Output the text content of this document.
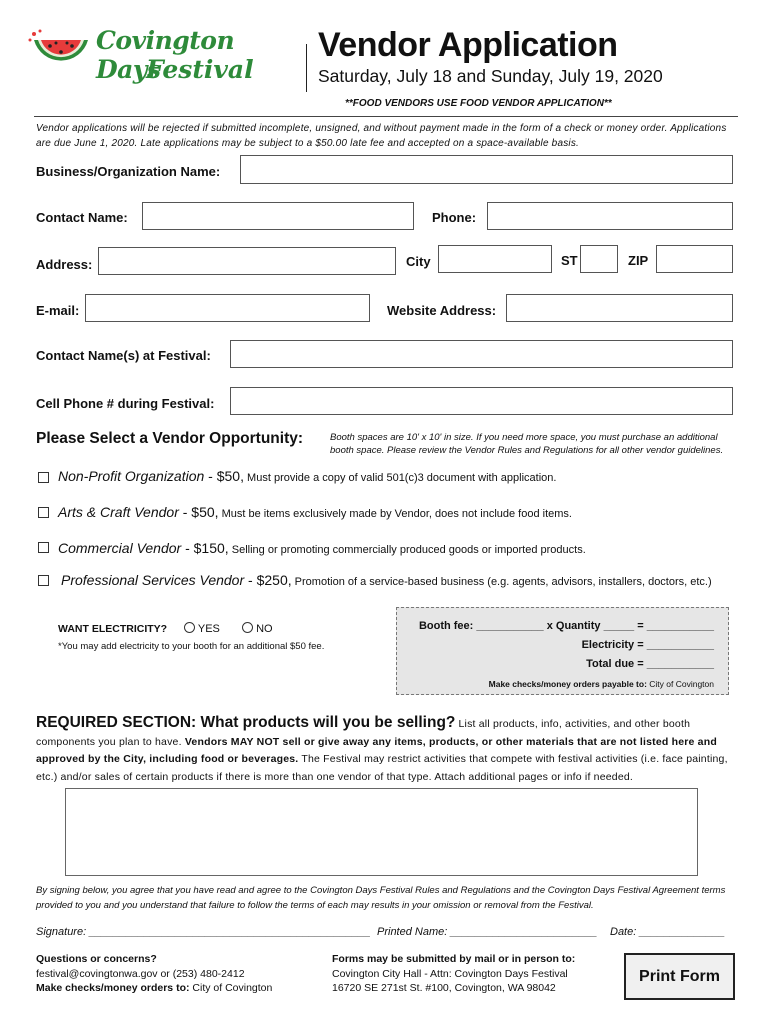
Covington Days
Festival
Vendor Application
Saturday, July 18 and Sunday, July 19, 2020
**FOOD VENDORS USE FOOD VENDOR APPLICATION**
Vendor applications will be rejected if submitted incomplete, unsigned, and without payment made in the form of a check or money order. Applications are due June 1, 2020. Late applications may be subject to a $50.00 late fee and accepted on a space-available basis.
Business/Organization Name:
Contact Name:	Phone:
Address:	City	ST	ZIP
E-mail:	Website Address:
Contact Name(s) at Festival:
Cell Phone # during Festival:
Please Select a Vendor Opportunity:	Booth spaces are 10' x 10' in size. If you need more space, you must purchase an additional
booth space. Please review the Vendor Rules and Regulations for all other vendor guidelines.
Non-Profit Organization - $50, Must provide a copy of valid 501(c)3 document with application.
Arts & Craft Vendor - $50, Must be items exclusively made by Vendor, does not include food items.
Commercial Vendor - $150, Selling or promoting commercially produced goods or imported products.
Professional Services Vendor - $250, Promotion of a service-based business (e.g. agents, advisors, installers, doctors, etc.)
WANT ELECTRICITY?	YES	NO
*You may add electricity to your booth for an additional $50 fee.
Booth fee: ___________ x Quantity _____ = ___________
Electricity = ___________
Total due = ___________
Make checks/money orders payable to: City of Covington
REQUIRED SECTION: What products will you be selling? List all products, info, activities, and other booth components you plan to have. Vendors MAY NOT sell or give away any items, products, or other materials that are not listed here and approved by the City, including food or beverages. The Festival may restrict activities that compete with festival activities (i.e. face painting, etc.) and/or sales of certain products if there is more than one vendor of that type. Attach additional pages or info if needed.
By signing below, you agree that you have read and agree to the Covington Days Festival Rules and Regulations and the Covington Days Festival Agreement terms provided to you and you understand that failure to follow the terms of each may results in your omission or removal from the Festival.
Signature: ______________________________________________ Printed Name: ________________________ Date: ______________
Questions or concerns?
festival@covingtonwa.gov or (253) 480-2412
Make checks/money orders to: City of Covington
Forms may be submitted by mail or in person to:
Covington City Hall - Attn: Covington Days Festival
16720 SE 271st St. #100, Covington, WA 98042
Print Form
